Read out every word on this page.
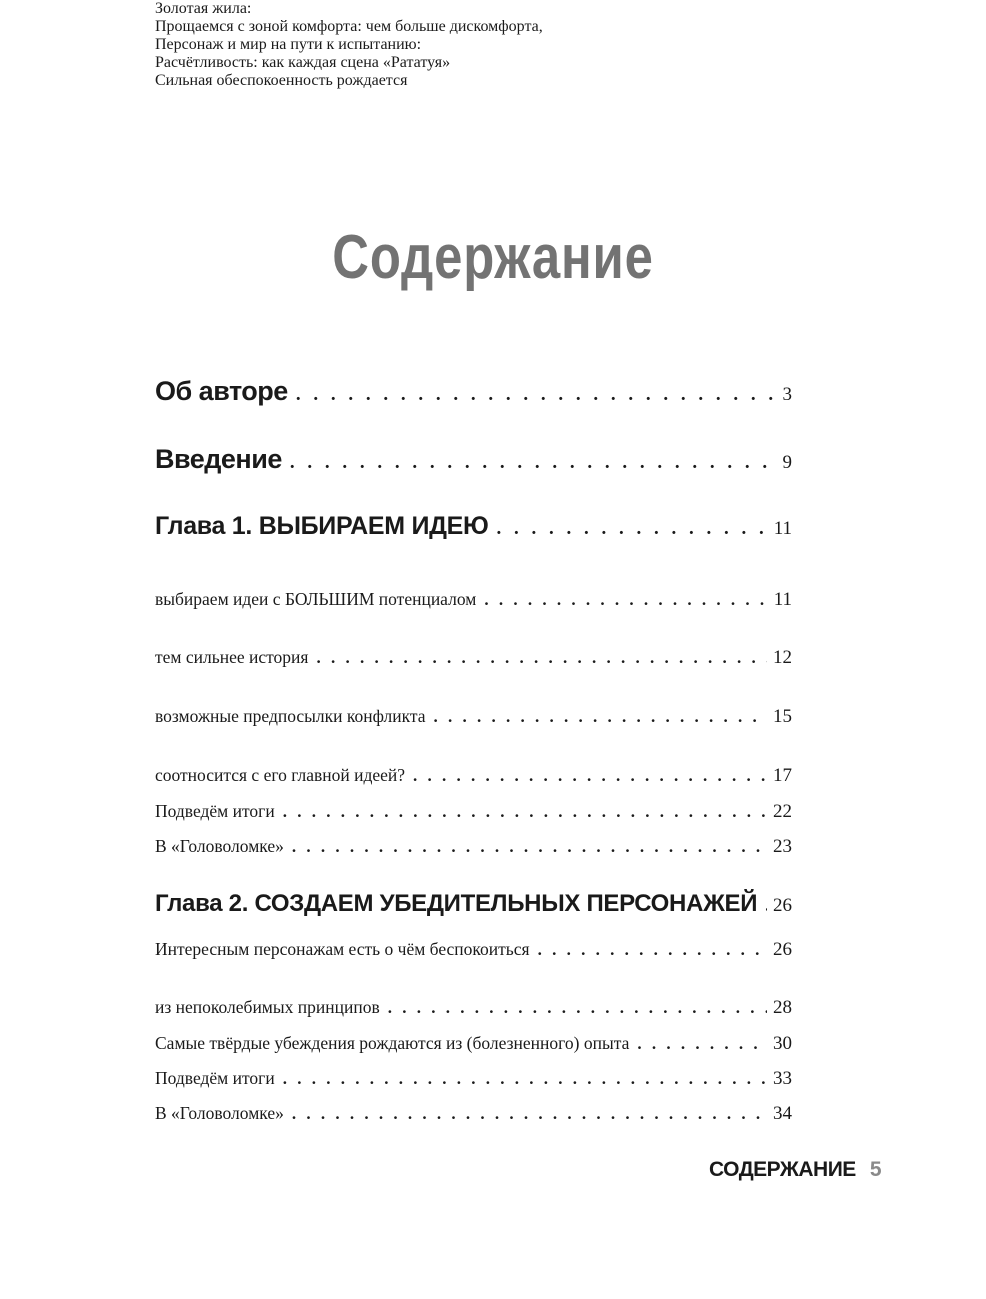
Содержание
Об авторе . . .	3
Введение . . .	9
Глава 1. ВЫБИРАЕМ ИДЕЮ . . .	11
Золотая жила:
выбираем идеи с БОЛЬШИМ потенциалом . . .	11
Прощаемся с зоной комфорта: чем больше дискомфорта,
тем сильнее история . . .	12
Персонаж и мир на пути к испытанию:
возможные предпосылки конфликта . . .	15
Расчётливость: как каждая сцена «Рататуя»
соотносится с его главной идеей? . . .	17
Подведём итоги . . .	22
В «Головоломке» . . .	23
Глава 2. СОЗДАЕМ УБЕДИТЕЛЬНЫХ ПЕРСОНАЖЕЙ . . . 26
Интересным персонажам есть о чём беспокоиться . . .	26
Сильная обеспокоенность рождается
из непоколебимых принципов . . .	28
Самые твёрдые убеждения рождаются из (болезненного) опыта . . .	30
Подведём итоги . . .	33
В «Головоломке» . . .	34
СОДЕРЖАНИЕ 5
